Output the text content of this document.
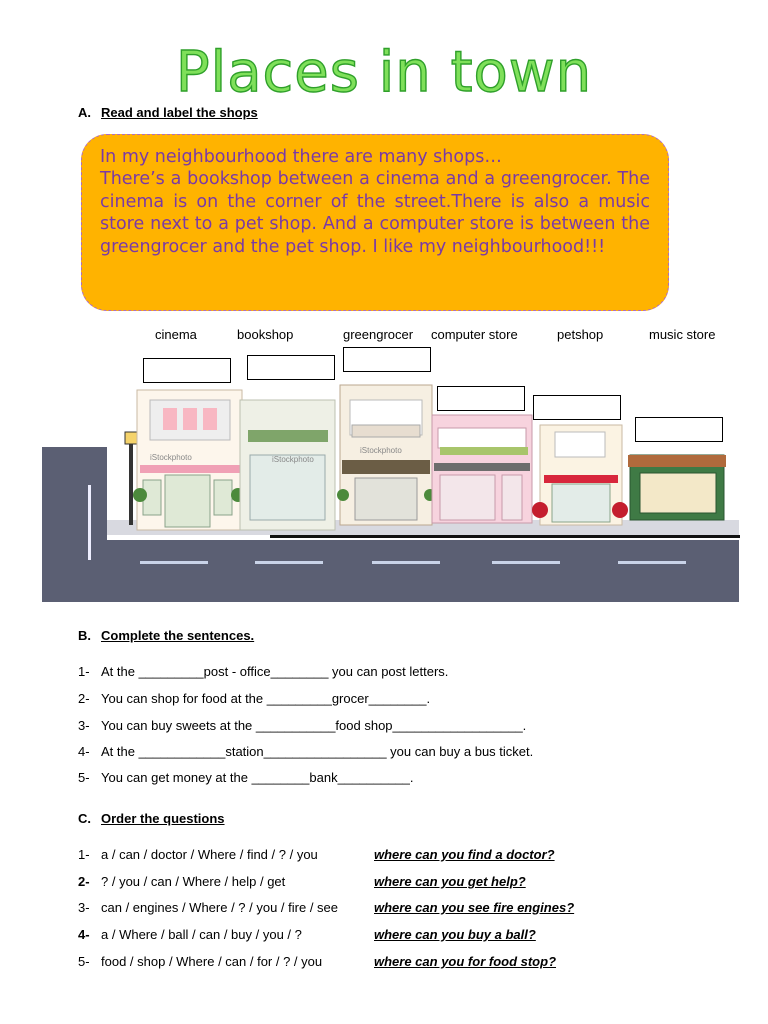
Places in town
A. Read and label the shops

In my neighbourhood there are many shops…

There’s a bookshop between a cinema and a greengrocer. The cinema is on the corner of the street.There is also a music store next to a pet shop. And a computer store is between the greengrocer and the pet shop. I like my neighbourhood!!!

cinema	bookshop	greengrocer computer store	petshop	music store
iStockphoto
iStockphoto
iStockphoto
B. Complete the sentences.
1- At the _________post - office________ you can post letters.
2- You can shop for food at the _________grocer________.
3- You can buy sweets at the ___________food shop__________________.
4- At the ____________station_________________ you can buy a bus ticket.
5- You can get money at the ________bank__________.
C. Order the questions
1- a / can / doctor / Where / find / ? / you	where can you find a doctor?
2- ? / you / can / Where / help / get	where can you get help?
3- can / engines / Where / ? / you / fire / see	where can you see fire engines?
4- a / Where / ball / can / buy / you / ?	where can you buy a ball?
5- food / shop / Where / can / for / ? / you	where can you for food stop?
